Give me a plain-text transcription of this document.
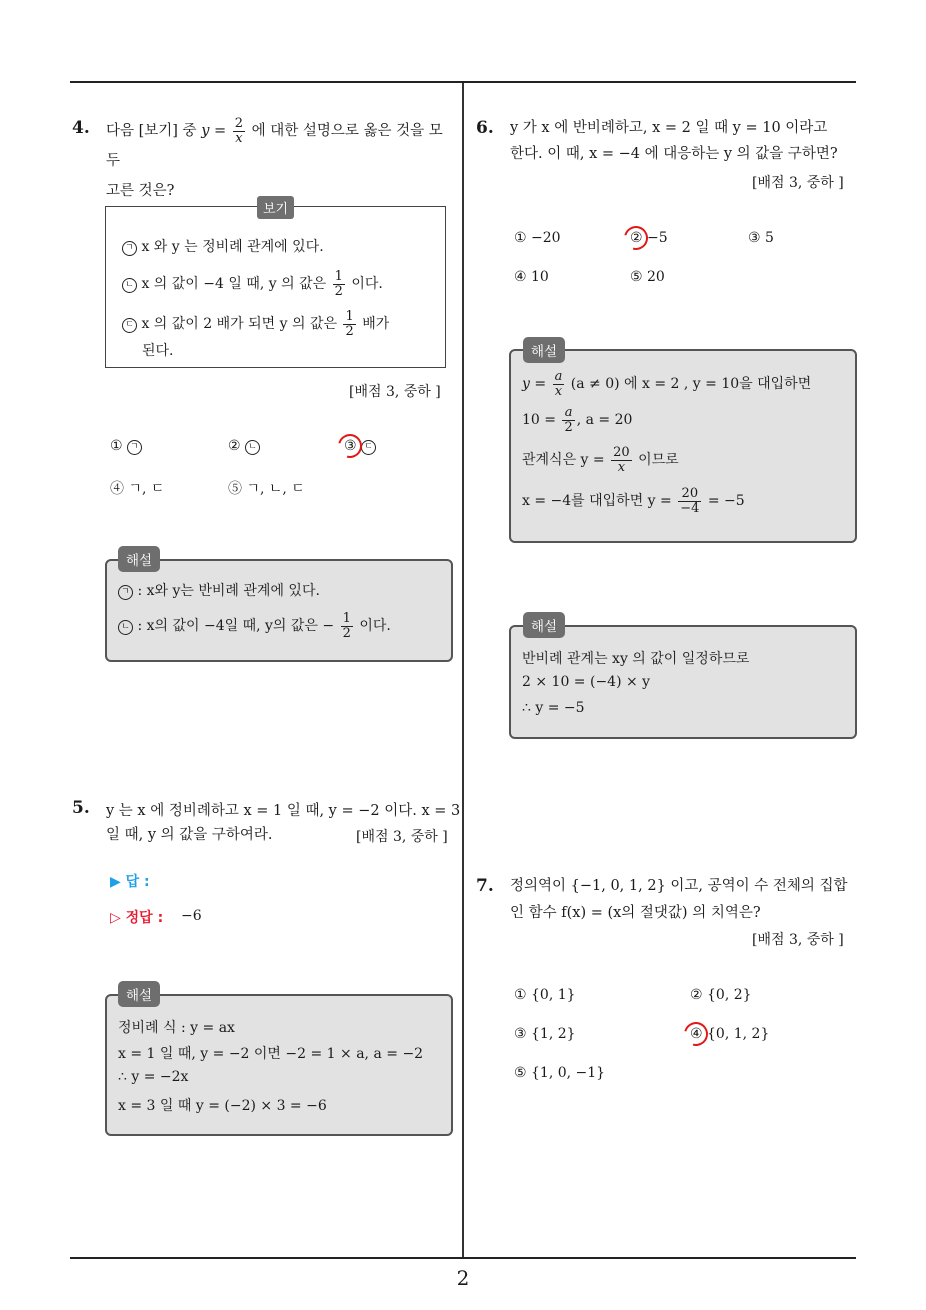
2
4. 다음 [보기] 중 $y = \frac{2}{x}$ 에 대한 설명으로 옳은 것을 모두
고른 것은?
보기
ㄱ x 와 y 는 정비례 관계에 있다.
ㄴ x 의 값이 −4 일 때, y 의 값은 $\frac{1}{2}$ 이다.
ㄷ x 의 값이 2 배가 되면 y 의 값은 $\frac{1}{2}$ 배가
된다.
[배점 3, 중하 ]
① ㄱ	② ㄴ	③ ㄷ
④ ㄱ, ㄷ	⑤ ㄱ, ㄴ, ㄷ
해설
ㄱ : x와 y는 반비례 관계에 있다.
ㄴ : x의 값이 −4일 때, y의 값은 − $\frac{1}{2}$ 이다.
5. y 는 x 에 정비례하고 x = 1 일 때, y = −2 이다. x = 3
일 때, y 의 값을 구하여라.	[배점 3, 중하 ]
▶ 답 :
▷ 정답 : −6
해설
정비례 식 : y = ax
x = 1 일 때, y = −2 이면 −2 = 1 × a, a = −2
∴ y = −2x
x = 3 일 때 y = (−2) × 3 = −6
6. y 가 x 에 반비례하고, x = 2 일 때 y = 10 이라고
한다. 이 때, x = −4 에 대응하는 y 의 값을 구하면?
[배점 3, 중하 ]
① −20	② −5	③ 5
④ 10	⑤ 20
해설
$y = \frac{a}{x} (a \ne 0)$ 에 x = 2 , y = 10을 대입하면
$10 = \frac{a}{2}$ , a = 20
관계식은 $y = \frac{20}{x}$ 이므로
x = −4를 대입하면 $y = \frac{20}{-4} = -5$
해설
반비례 관계는 xy 의 값이 일정하므로
2 × 10 = (−4) × y
∴ y = −5
7. 정의역이 {−1, 0, 1, 2} 이고, 공역이 수 전체의 집합
인 함수 f(x) = (x의 절댓값) 의 치역은?
[배점 3, 중하 ]
① {0, 1}	② {0, 2}
③ {1, 2}	④ {0, 1, 2}
⑤ {1, 0, −1}
